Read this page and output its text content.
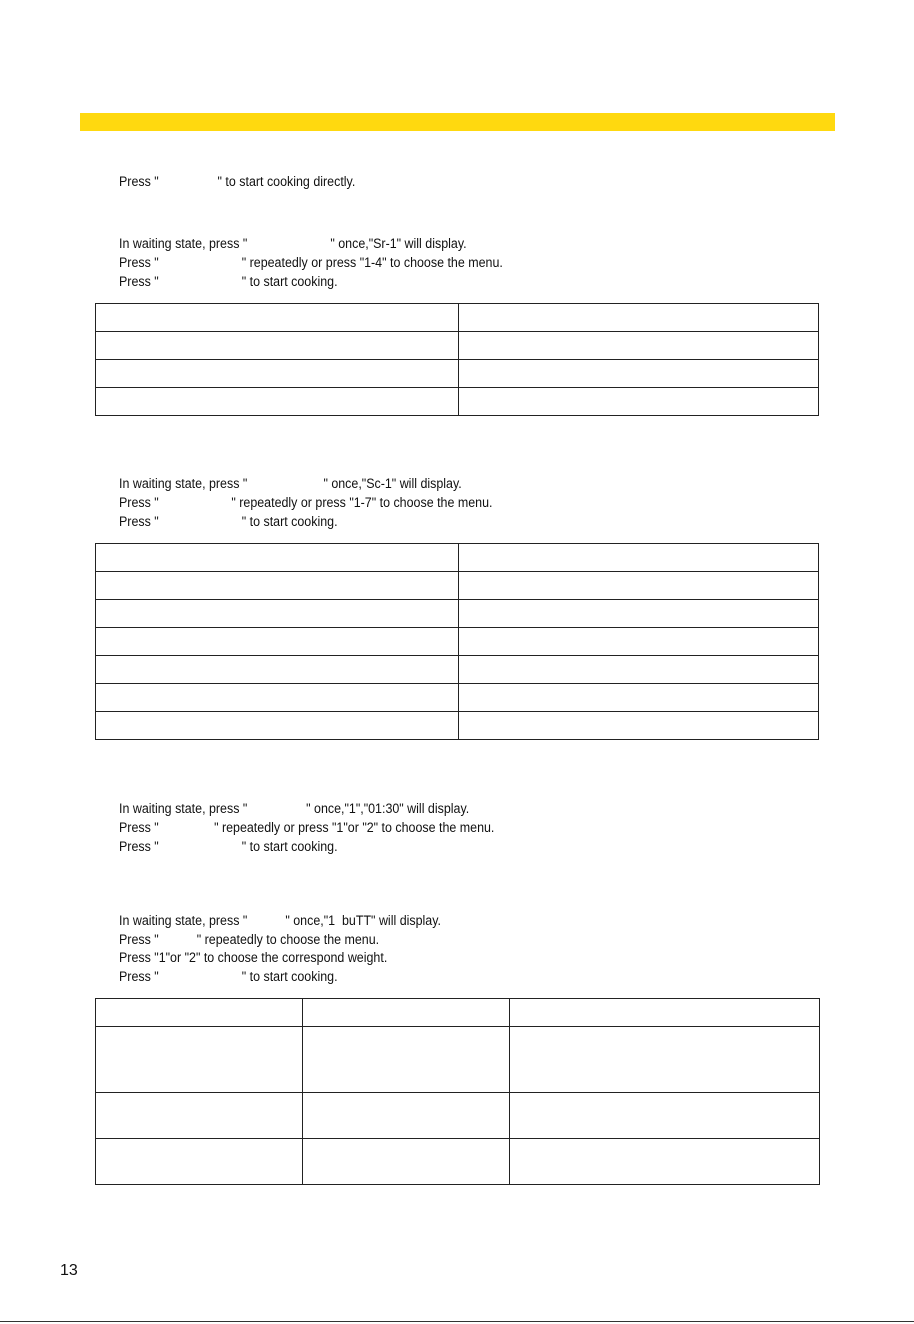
Press "                 " to start cooking directly.
In waiting state, press "                        " once,"Sr-1" will display.
Press "                        " repeatedly or press "1-4" to choose the menu.
Press "                        " to start cooking.

In waiting state, press "                      " once,"Sc-1" will display.
Press "                     " repeatedly or press "1-7" to choose the menu.
Press "                        " to start cooking.

In waiting state, press "                 " once,"1","01:30" will display.
Press "                " repeatedly or press "1"or "2" to choose the menu.
Press "                        " to start cooking.
In waiting state, press "           " once,"1  buTT" will display.
Press "           " repeatedly to choose the menu.
Press "1"or "2" to choose the correspond weight.
Press "                        " to start cooking.

13
